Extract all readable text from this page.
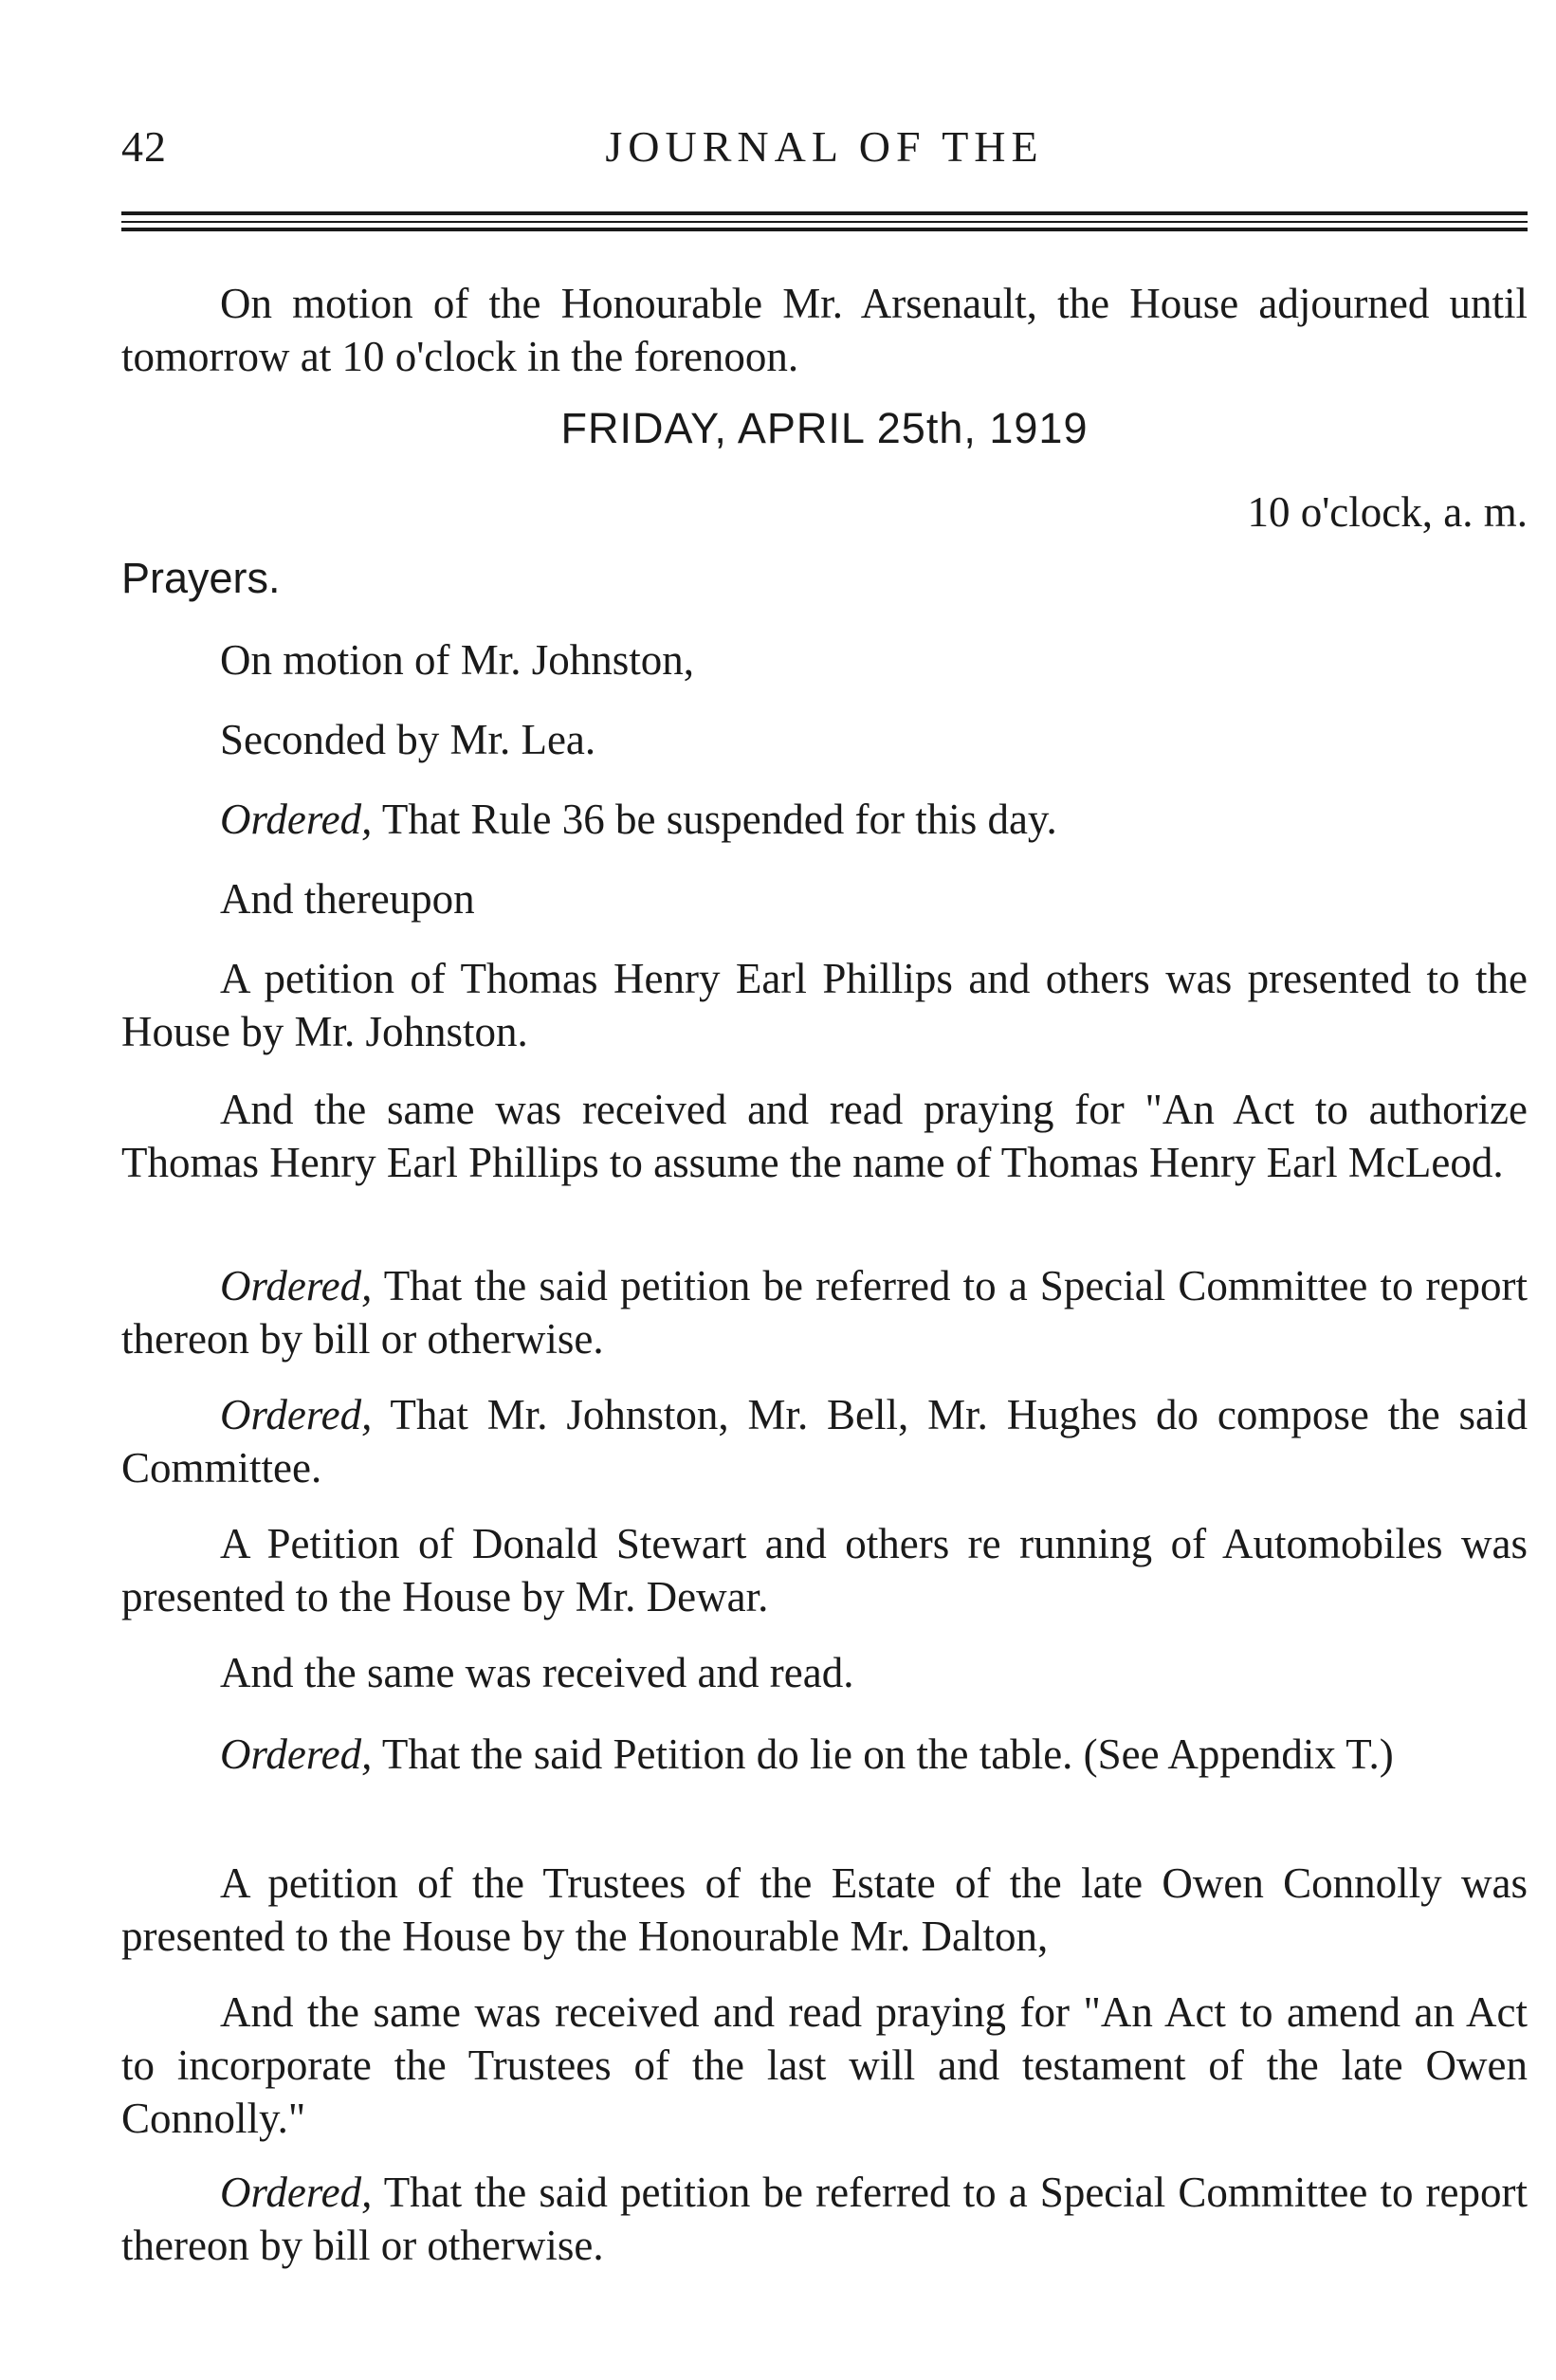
42	JOURNAL OF THE

On motion of the Honourable Mr. Arsenault, the House adjourned until tomorrow at 10 o'clock in the forenoon.

FRIDAY, APRIL 25th, 1919
10 o'clock, a. m.
Prayers.

On motion of Mr. Johnston,

Seconded by Mr. Lea.

Ordered, That Rule 36 be suspended for this day.

And thereupon

A petition of Thomas Henry Earl Phillips and others was presented to the House by Mr. Johnston.

And the same was received and read praying for "An Act to authorize Thomas Henry Earl Phillips to assume the name of Thomas Henry Earl McLeod.

Ordered, That the said petition be referred to a Special Committee to report thereon by bill or otherwise.

Ordered, That Mr. Johnston, Mr. Bell, Mr. Hughes do compose the said Committee.

A Petition of Donald Stewart and others re running of Automobiles was presented to the House by Mr. Dewar.

And the same was received and read.

Ordered, That the said Petition do lie on the table. (See Appendix T.)

A petition of the Trustees of the Estate of the late Owen Connolly was presented to the House by the Honourable Mr. Dalton,

And the same was received and read praying for "An Act to amend an Act to incorporate the Trustees of the last will and testament of the late Owen Connolly."

Ordered, That the said petition be referred to a Special Committee to report thereon by bill or otherwise.
